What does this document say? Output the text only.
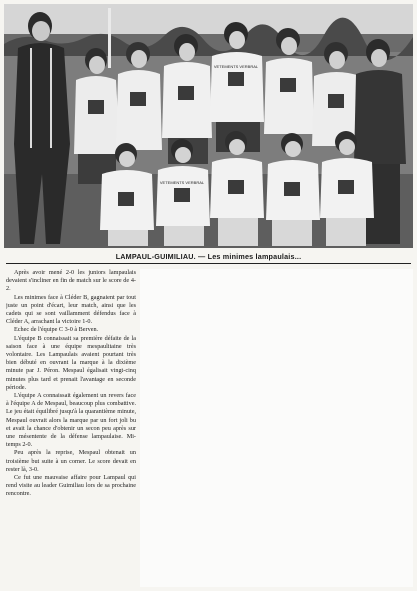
VETEMENTS VERBRAL
VETEMENTS VERBRAL
LAMPAUL-GUIMILIAU. — Les minimes lampaulais...

Après avoir mené 2-0 les juniors lampaulais devaient s'incliner en fin de match sur le score de 4-2.

Les minimes face à Cléder B, gagnaient par tout juste un point d'écart, leur match, ainsi que les cadets qui se sont vaillamment défendus face à Cléder A, arrachant la victoire 1-0.

Echec de l'équipe C 3-0 à Berven.

L'équipe B connaissait sa première défaite de la saison face à une équipe mespaulitaine très volontaire. Les Lampaulais avaient pourtant très bien débuté en ouvrant la marque à la dixième minute par J. Péron. Mespaul égalisait vingt-cinq minutes plus tard et prenait l'avantage en seconde période.

L'équipe A connaissait également un revers face à l'équipe A de Mespaul, beaucoup plus combattive. Le jeu était équilibré jusqu'à la quarantième minute, Mespaul ouvrait alors la marque par un fort joli bu et avait la chance d'obtenir un secon peu après sur une mésentente de la défense lampaulaise. Mi-temps 2-0.

Peu après la reprise, Mespaul obtenait un troisième but suite à un corner. Le score devait en rester là, 3-0.

Ce fut une mauvaise affaire pour Lampaul qui rend visite au leader Guimiliau lors de sa prochaine rencontre.
